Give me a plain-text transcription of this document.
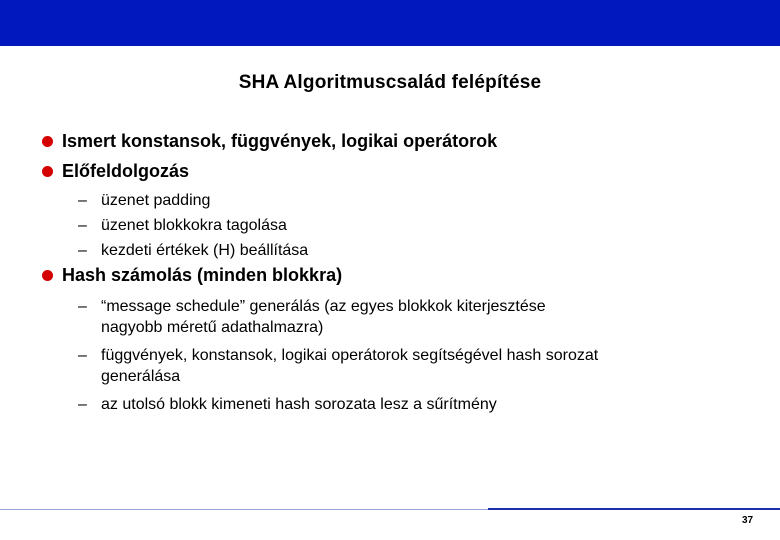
SHA Algoritmuscsalád felépítése
Ismert konstansok, függvények, logikai operátorok
Előfeldolgozás
– üzenet padding
– üzenet blokkokra tagolása
– kezdeti értékek (H) beállítása
Hash számolás (minden blokkra)
– “message schedule” generálás (az egyes blokkok kiterjesztése
nagyobb méretű adathalmazra)
– függvények, konstansok, logikai operátorok segítségével hash sorozat
generálása
– az utolsó blokk kimeneti hash sorozata lesz a sűrítmény
37
